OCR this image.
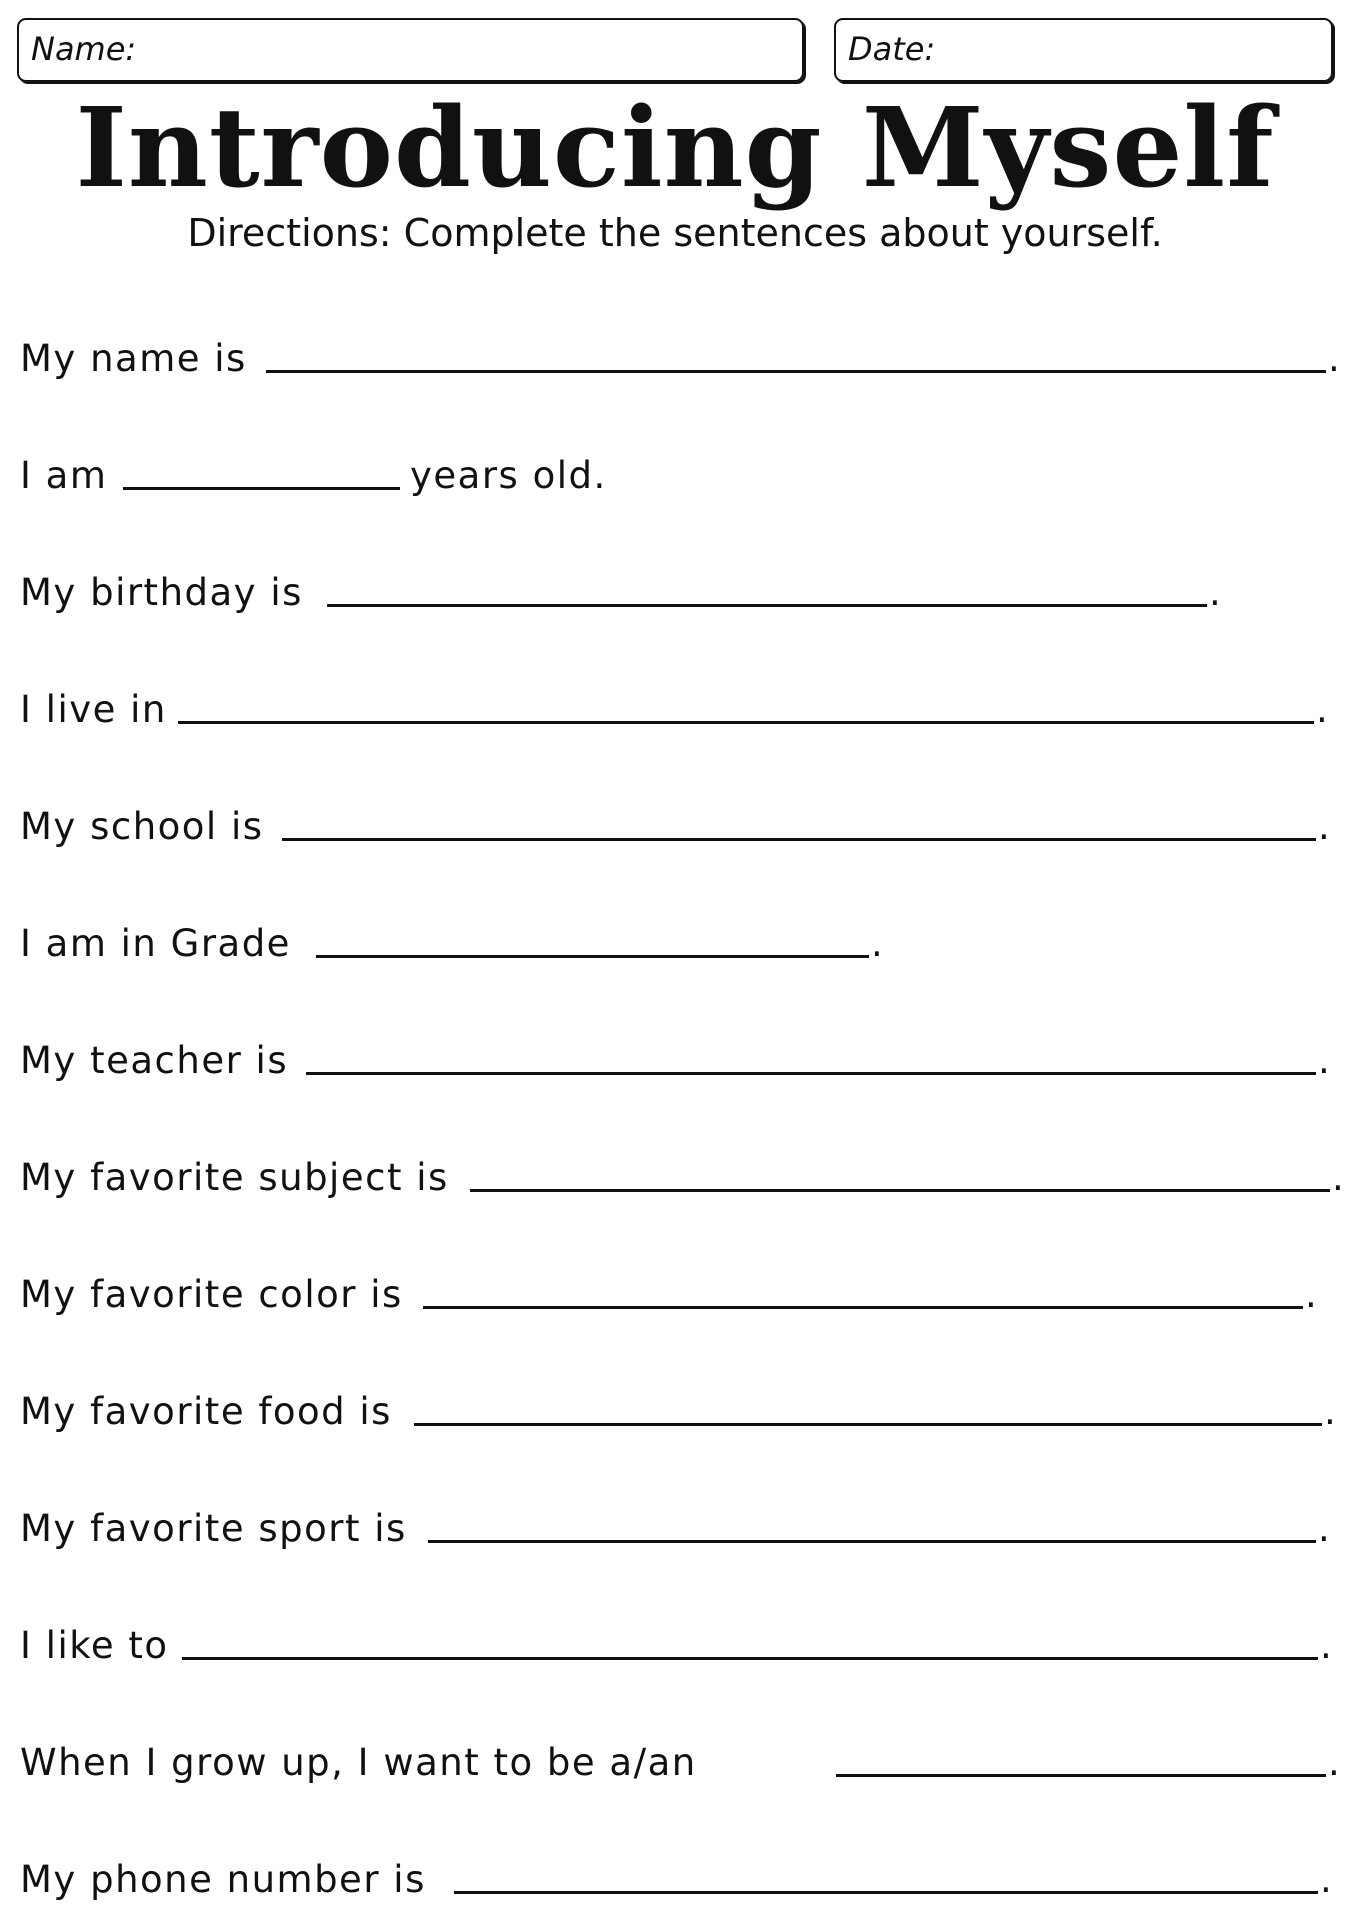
Name:	Date:
Introducing Myself
Directions: Complete the sentences about yourself.
My name is	.
I am	years old.
My birthday is	.
I live in	.
My school is	.
I am in Grade	.
My teacher is	.
My favorite subject is	.
My favorite color is	.
My favorite food is	.
My favorite sport is	.
I like to	.
When I grow up, I want to be a/an	.
My phone number is	.
